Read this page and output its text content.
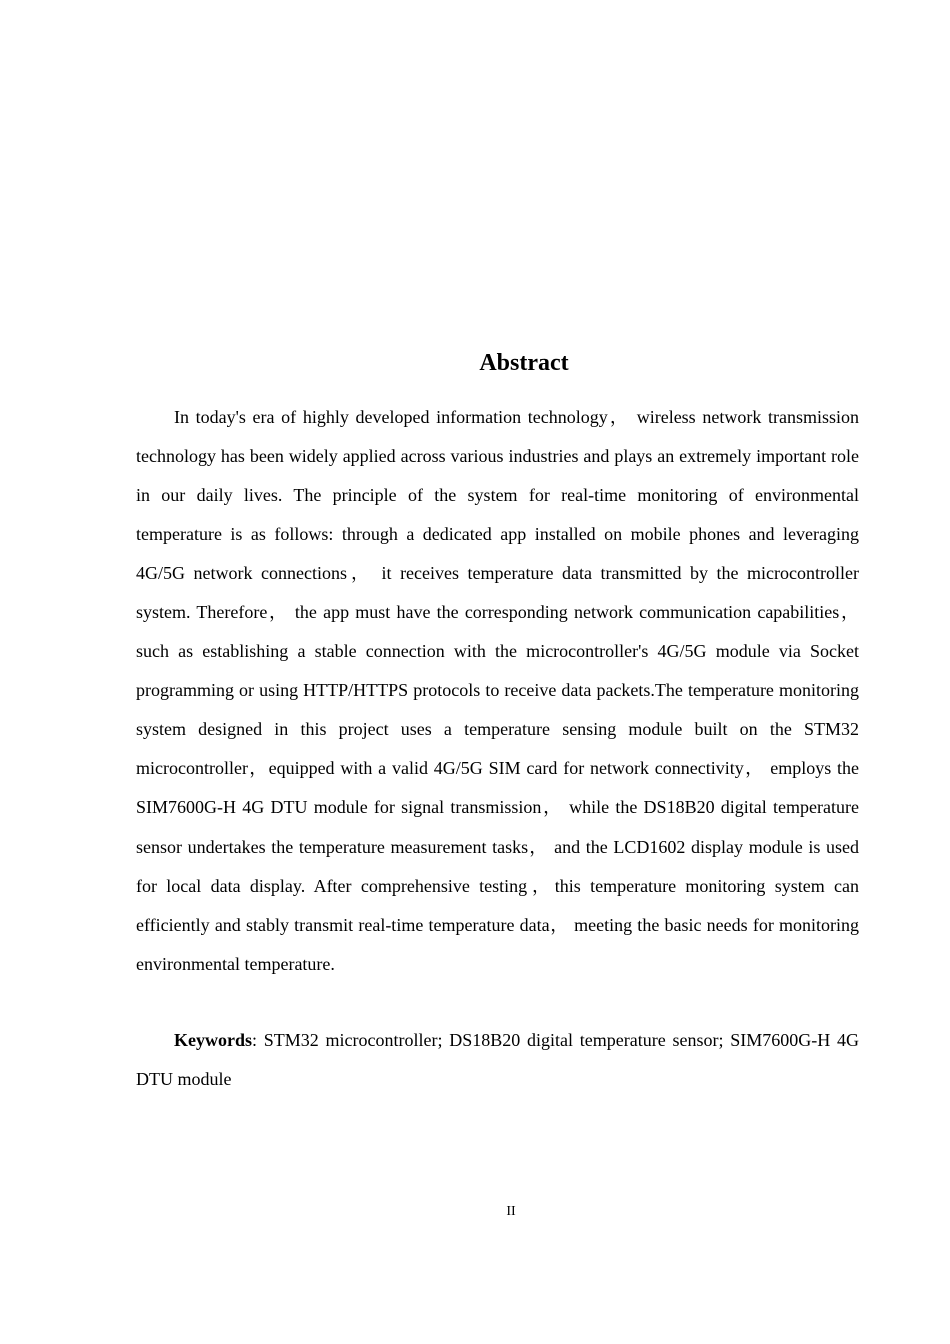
Abstract

In today's era of highly developed information technology， wireless network transmission technology has been widely applied across various industries and plays an extremely important role in our daily lives. The principle of the system for real-time monitoring of environmental temperature is as follows: through a dedicated app installed on mobile phones and leveraging 4G/5G network connections， it receives temperature data transmitted by the microcontroller system. Therefore， the app must have the corresponding network communication capabilities， such as establishing a stable connection with the microcontroller's 4G/5G module via Socket programming or using HTTP/HTTPS protocols to receive data packets.The temperature monitoring system designed in this project uses a temperature sensing module built on the STM32 microcontroller，equipped with a valid 4G/5G SIM card for network connectivity， employs the SIM7600G-H 4G DTU module for signal transmission， while the DS18B20 digital temperature sensor undertakes the temperature measurement tasks， and the LCD1602 display module is used for local data display. After comprehensive testing，this temperature monitoring system can efficiently and stably transmit real-time temperature data， meeting the basic needs for monitoring environmental temperature.

Keywords: STM32 microcontroller; DS18B20 digital temperature sensor; SIM7600G-H 4G DTU module

II
